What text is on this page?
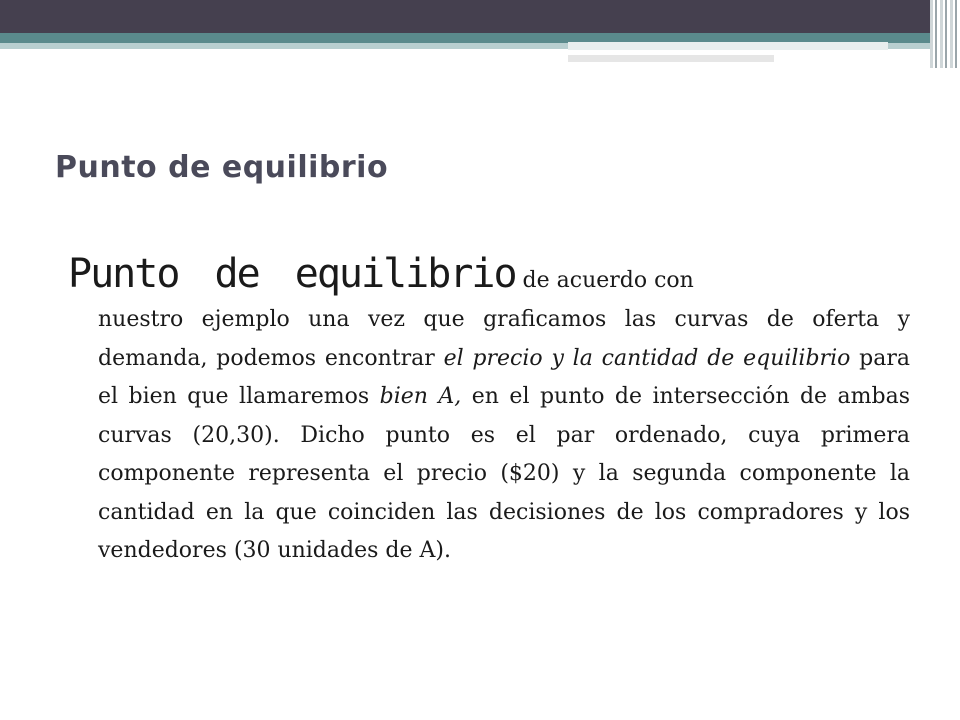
Punto de equilibrio

Punto de equilibrio de acuerdo con
nuestro ejemplo una vez que graficamos las curvas de oferta y demanda, podemos encontrar el precio y la cantidad de equilibrio para el bien que llamaremos bien A, en el punto de intersección de ambas curvas (20,30). Dicho punto es el par ordenado, cuya primera componente representa el precio ($20) y la segunda componente la cantidad en la que coinciden las decisiones de los compradores y los vendedores (30 unidades de A).
